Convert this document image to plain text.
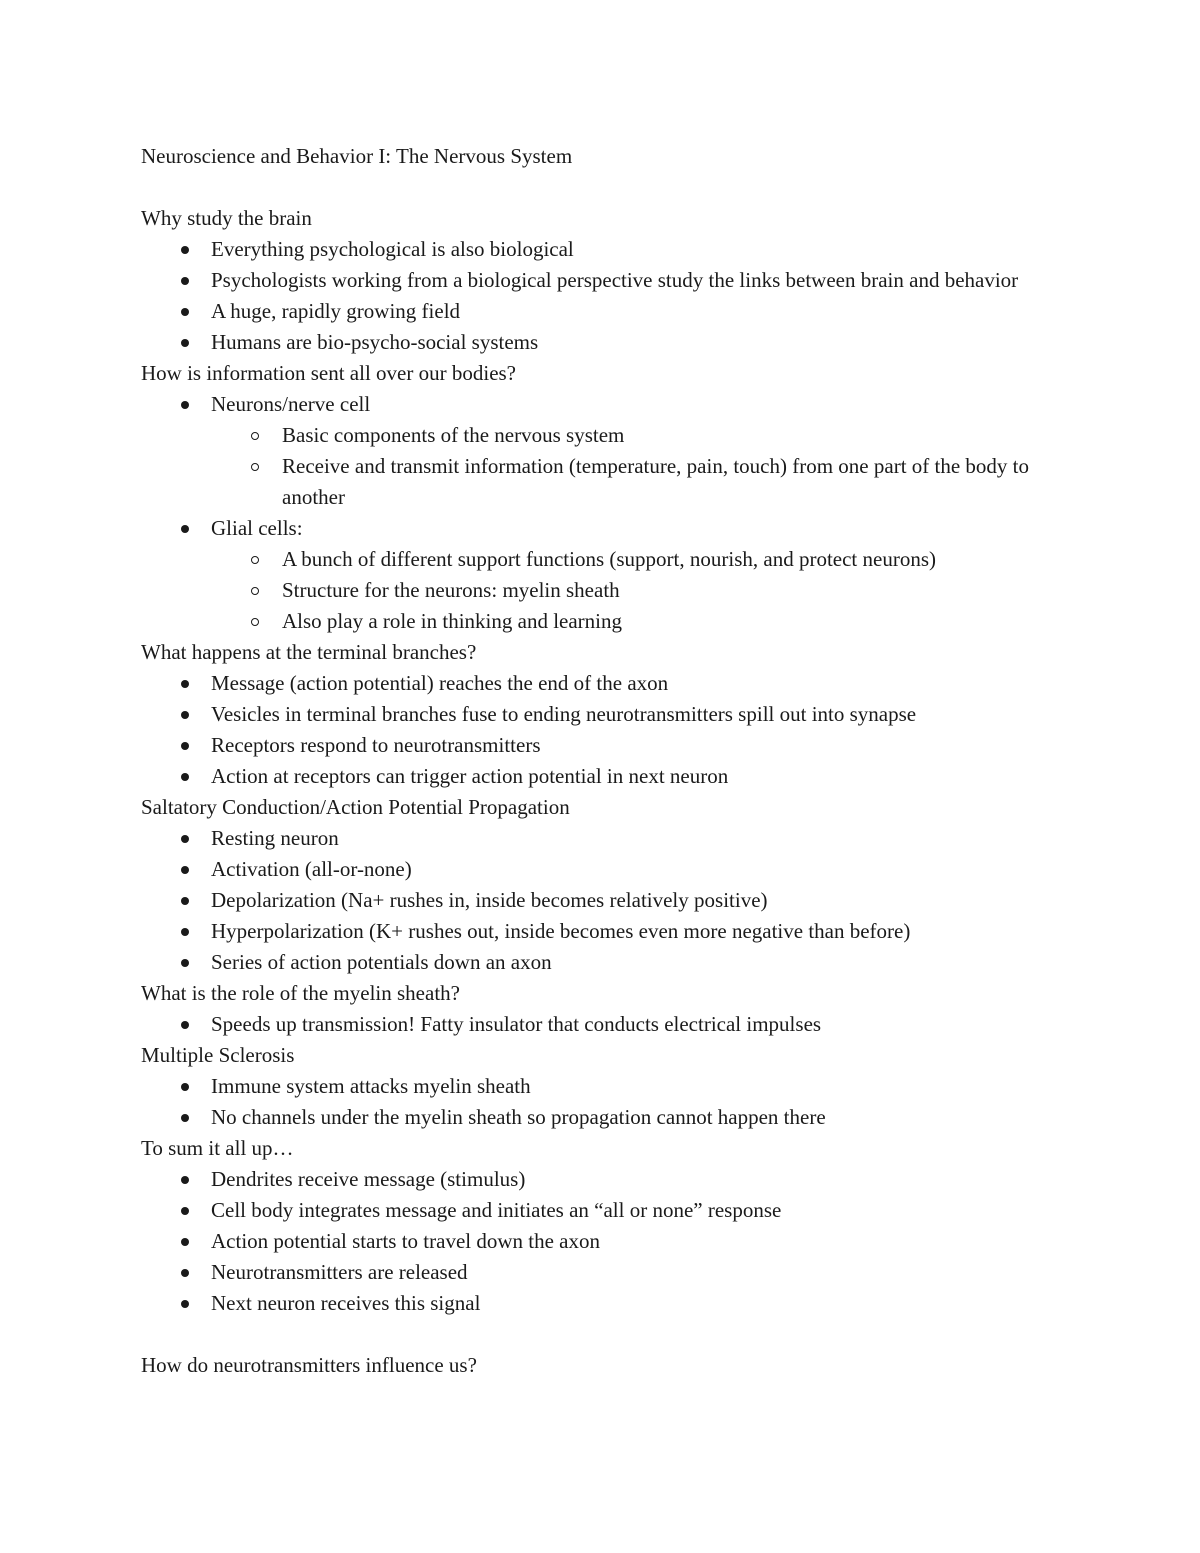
Neuroscience and Behavior I: The Nervous System

Why study the brain

Everything psychological is also biological
Psychologists working from a biological perspective study the links between brain and behavior
A huge, rapidly growing field
Humans are bio-psycho-social systems

How is information sent all over our bodies?

Neurons/nerve cell
Basic components of the nervous system
Receive and transmit information (temperature, pain, touch) from one part of the body to another
Glial cells:
A bunch of different support functions (support, nourish, and protect neurons)
Structure for the neurons: myelin sheath
Also play a role in thinking and learning

What happens at the terminal branches?

Message (action potential) reaches the end of the axon
Vesicles in terminal branches fuse to ending neurotransmitters spill out into synapse
Receptors respond to neurotransmitters
Action at receptors can trigger action potential in next neuron

Saltatory Conduction/Action Potential Propagation

Resting neuron
Activation (all-or-none)
Depolarization (Na+ rushes in, inside becomes relatively positive)
Hyperpolarization (K+ rushes out, inside becomes even more negative than before)
Series of action potentials down an axon

What is the role of the myelin sheath?

Speeds up transmission! Fatty insulator that conducts electrical impulses

Multiple Sclerosis

Immune system attacks myelin sheath
No channels under the myelin sheath so propagation cannot happen there

To sum it all up…

Dendrites receive message (stimulus)
Cell body integrates message and initiates an “all or none” response
Action potential starts to travel down the axon
Neurotransmitters are released
Next neuron receives this signal

How do neurotransmitters influence us?
